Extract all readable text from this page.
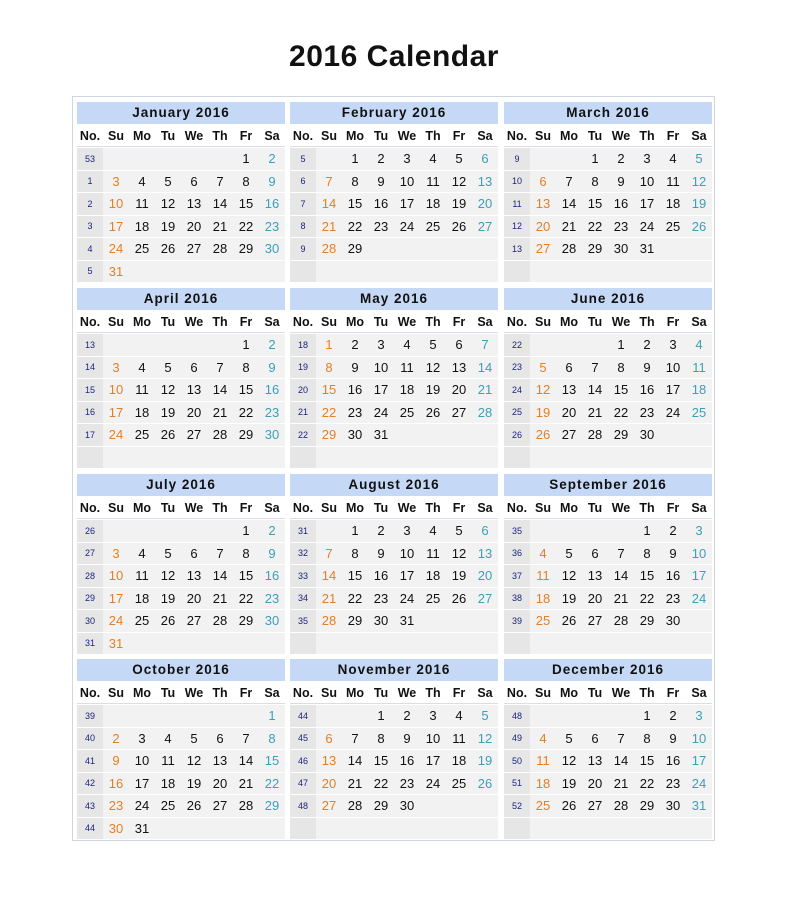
2016 Calendar
January 2016
No.	Su	Mo	Tu	We	Th	Fr	Sa
53						1	2
1	3	4	5	6	7	8	9
2	10	11	12	13	14	15	16
3	17	18	19	20	21	22	23
4	24	25	26	27	28	29	30
5	31						
February 2016
No.	Su	Mo	Tu	We	Th	Fr	Sa
5		1	2	3	4	5	6
6	7	8	9	10	11	12	13
7	14	15	16	17	18	19	20
8	21	22	23	24	25	26	27
9	28	29					

March 2016
No.	Su	Mo	Tu	We	Th	Fr	Sa
9			1	2	3	4	5
10	6	7	8	9	10	11	12
11	13	14	15	16	17	18	19
12	20	21	22	23	24	25	26
13	27	28	29	30	31		

April 2016
No.	Su	Mo	Tu	We	Th	Fr	Sa
13						1	2
14	3	4	5	6	7	8	9
15	10	11	12	13	14	15	16
16	17	18	19	20	21	22	23
17	24	25	26	27	28	29	30

May 2016
No.	Su	Mo	Tu	We	Th	Fr	Sa
18	1	2	3	4	5	6	7
19	8	9	10	11	12	13	14
20	15	16	17	18	19	20	21
21	22	23	24	25	26	27	28
22	29	30	31				

June 2016
No.	Su	Mo	Tu	We	Th	Fr	Sa
22				1	2	3	4
23	5	6	7	8	9	10	11
24	12	13	14	15	16	17	18
25	19	20	21	22	23	24	25
26	26	27	28	29	30		

July 2016
No.	Su	Mo	Tu	We	Th	Fr	Sa
26						1	2
27	3	4	5	6	7	8	9
28	10	11	12	13	14	15	16
29	17	18	19	20	21	22	23
30	24	25	26	27	28	29	30
31	31						
August 2016
No.	Su	Mo	Tu	We	Th	Fr	Sa
31		1	2	3	4	5	6
32	7	8	9	10	11	12	13
33	14	15	16	17	18	19	20
34	21	22	23	24	25	26	27
35	28	29	30	31			

September 2016
No.	Su	Mo	Tu	We	Th	Fr	Sa
35					1	2	3
36	4	5	6	7	8	9	10
37	11	12	13	14	15	16	17
38	18	19	20	21	22	23	24
39	25	26	27	28	29	30	

October 2016
No.	Su	Mo	Tu	We	Th	Fr	Sa
39							1
40	2	3	4	5	6	7	8
41	9	10	11	12	13	14	15
42	16	17	18	19	20	21	22
43	23	24	25	26	27	28	29
44	30	31					
November 2016
No.	Su	Mo	Tu	We	Th	Fr	Sa
44			1	2	3	4	5
45	6	7	8	9	10	11	12
46	13	14	15	16	17	18	19
47	20	21	22	23	24	25	26
48	27	28	29	30			

December 2016
No.	Su	Mo	Tu	We	Th	Fr	Sa
48					1	2	3
49	4	5	6	7	8	9	10
50	11	12	13	14	15	16	17
51	18	19	20	21	22	23	24
52	25	26	27	28	29	30	31
